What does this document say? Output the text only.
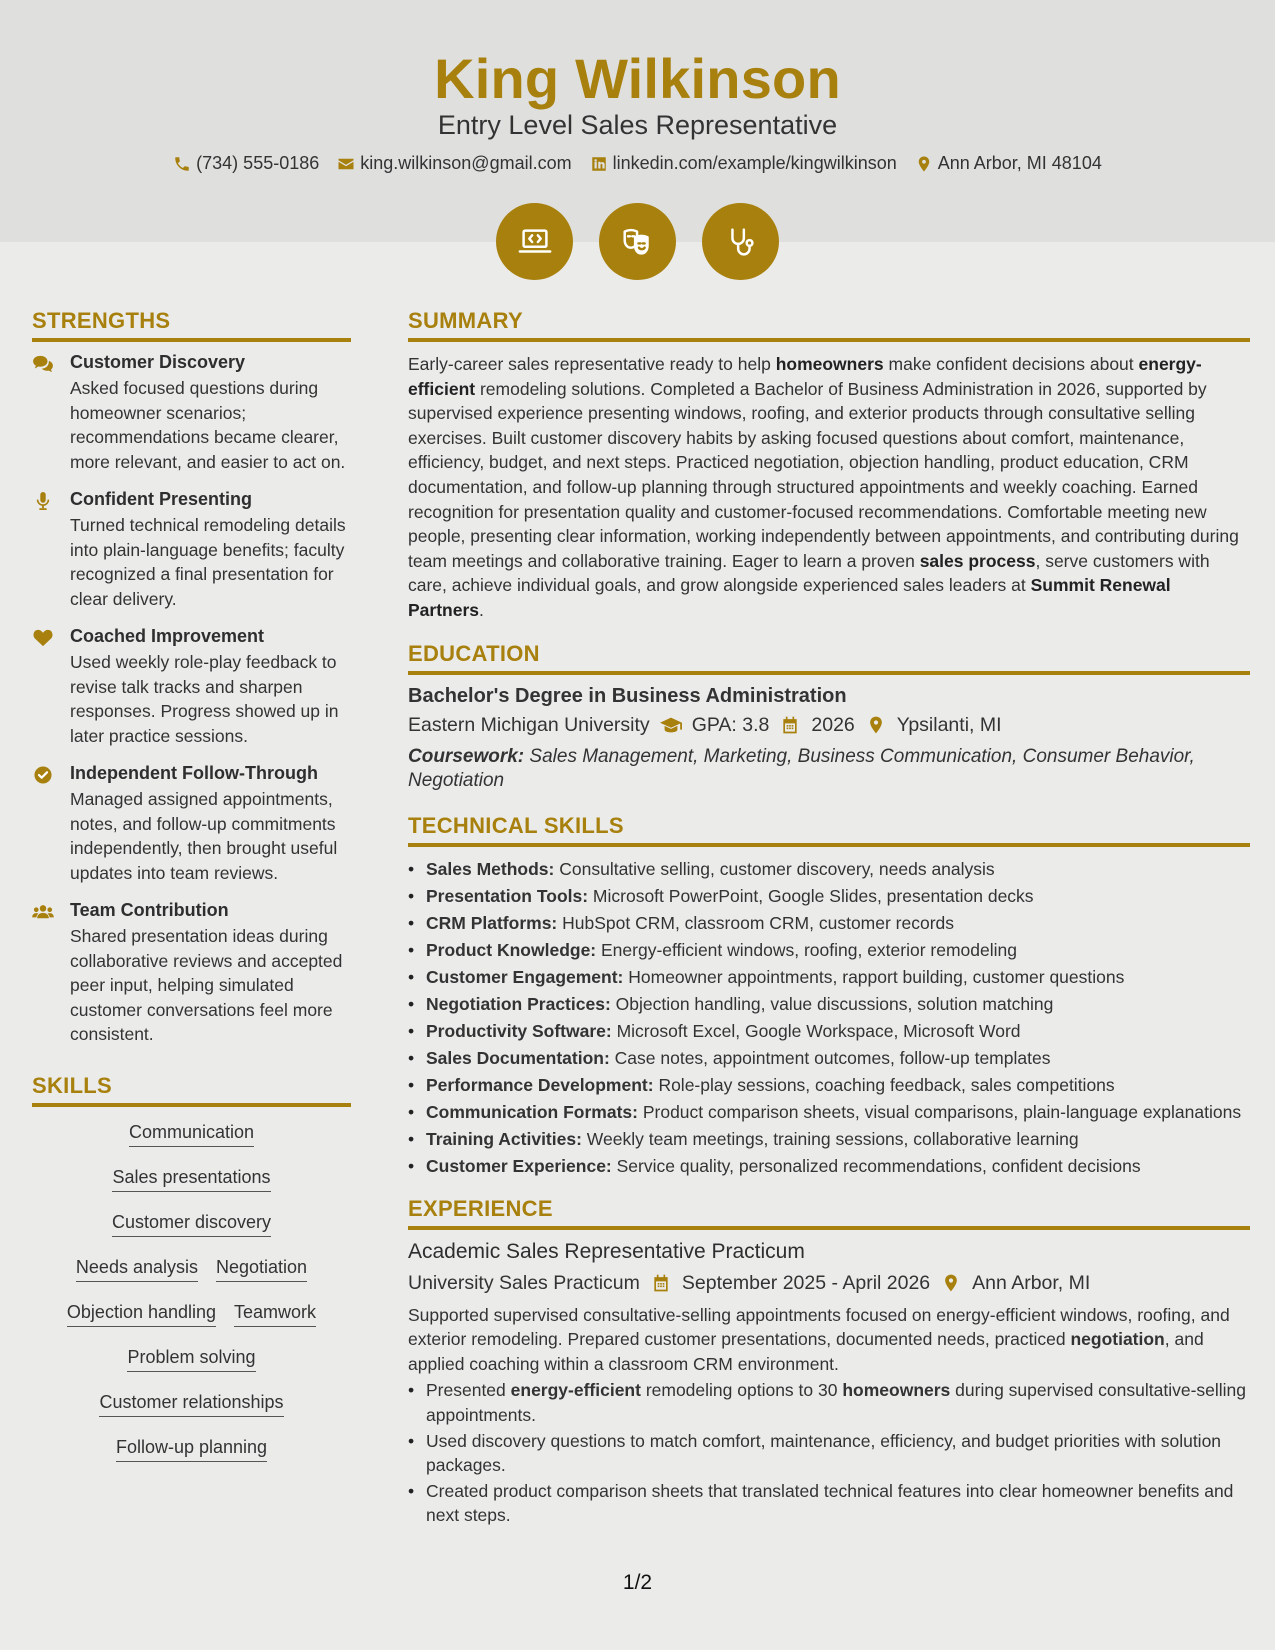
King Wilkinson
Entry Level Sales Representative
(734) 555-0186 king.wilkinson@gmail.com linkedin.com/example/kingwilkinson Ann Arbor, MI 48104
STRENGTHS
Customer Discovery
Asked focused questions during homeowner scenarios; recommendations became clearer, more relevant, and easier to act on.
Confident Presenting
Turned technical remodeling details into plain-language benefits; faculty recognized a final presentation for clear delivery.
Coached Improvement
Used weekly role-play feedback to revise talk tracks and sharpen responses. Progress showed up in later practice sessions.
Independent Follow-Through
Managed assigned appointments, notes, and follow-up commitments independently, then brought useful updates into team reviews.
Team Contribution
Shared presentation ideas during collaborative reviews and accepted peer input, helping simulated customer conversations feel more consistent.
SKILLS
Communication
Sales presentations
Customer discovery
Needs analysis Negotiation
Objection handling Teamwork
Problem solving
Customer relationships
Follow-up planning
SUMMARY

Early-career sales representative ready to help homeowners make confident decisions about energy-efficient remodeling solutions. Completed a Bachelor of Business Administration in 2026, supported by supervised experience presenting windows, roofing, and exterior products through consultative selling exercises. Built customer discovery habits by asking focused questions about comfort, maintenance, efficiency, budget, and next steps. Practiced negotiation, objection handling, product education, CRM documentation, and follow-up planning through structured appointments and weekly coaching. Earned recognition for presentation quality and customer-focused recommendations. Comfortable meeting new people, presenting clear information, working independently between appointments, and contributing during team meetings and collaborative training. Eager to learn a proven sales process, serve customers with care, achieve individual goals, and grow alongside experienced sales leaders at Summit Renewal Partners.

EDUCATION
Bachelor's Degree in Business Administration
Eastern Michigan University GPA: 3.8 2026 Ypsilanti, MI

Coursework: Sales Management, Marketing, Business Communication, Consumer Behavior, Negotiation

TECHNICAL SKILLS
• Sales Methods: Consultative selling, customer discovery, needs analysis
• Presentation Tools: Microsoft PowerPoint, Google Slides, presentation decks
• CRM Platforms: HubSpot CRM, classroom CRM, customer records
• Product Knowledge: Energy-efficient windows, roofing, exterior remodeling
• Customer Engagement: Homeowner appointments, rapport building, customer questions
• Negotiation Practices: Objection handling, value discussions, solution matching
• Productivity Software: Microsoft Excel, Google Workspace, Microsoft Word
• Sales Documentation: Case notes, appointment outcomes, follow-up templates
• Performance Development: Role-play sessions, coaching feedback, sales competitions
• Communication Formats: Product comparison sheets, visual comparisons, plain-language explanations
• Training Activities: Weekly team meetings, training sessions, collaborative learning
• Customer Experience: Service quality, personalized recommendations, confident decisions
EXPERIENCE
Academic Sales Representative Practicum
University Sales Practicum September 2025 - April 2026 Ann Arbor, MI

Supported supervised consultative-selling appointments focused on energy-efficient windows, roofing, and exterior remodeling. Prepared customer presentations, documented needs, practiced negotiation, and applied coaching within a classroom CRM environment.

• Presented energy-efficient remodeling options to 30 homeowners during supervised consultative-selling appointments.
• Used discovery questions to match comfort, maintenance, efficiency, and budget priorities with solution packages.
• Created product comparison sheets that translated technical features into clear homeowner benefits and next steps.
1/2
